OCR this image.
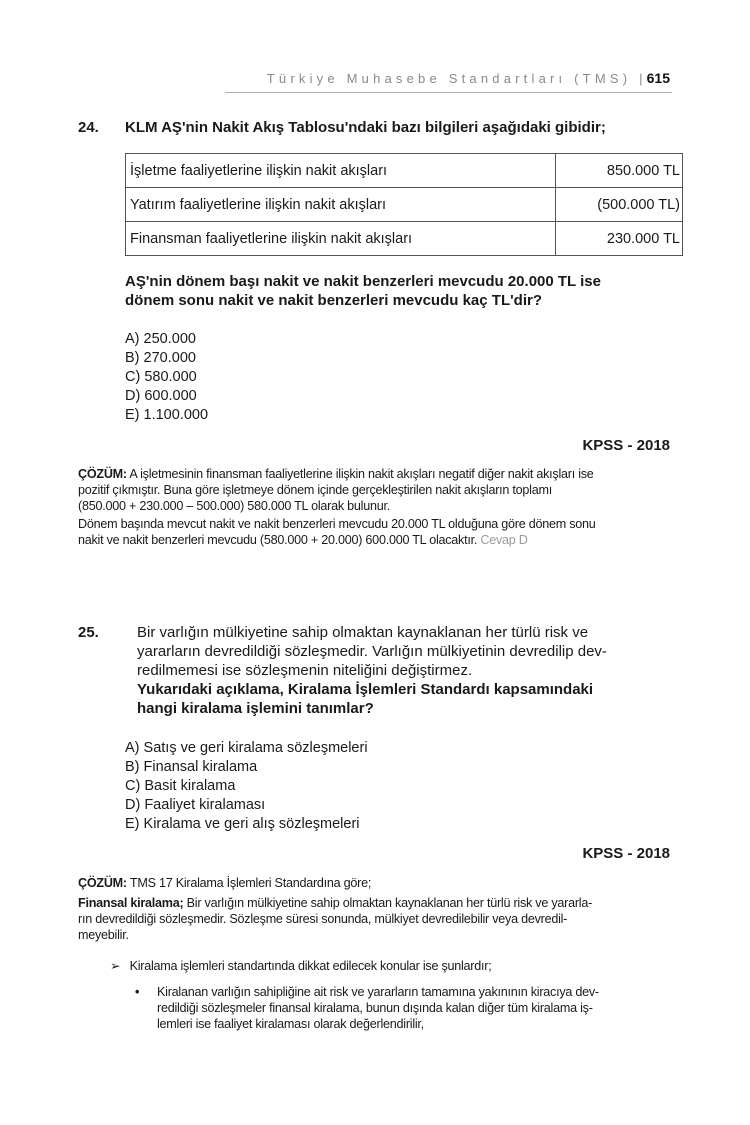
Türkiye Muhasebe Standartları (TMS) |615
24. KLM AŞ'nin Nakit Akış Tablosu'ndaki bazı bilgileri aşağıdaki gibidir;
İşletme faaliyetlerine ilişkin nakit akışları	850.000 TL
Yatırım faaliyetlerine ilişkin nakit akışları	(500.000 TL)
Finansman faaliyetlerine ilişkin nakit akışları	230.000 TL
AŞ'nin dönem başı nakit ve nakit benzerleri mevcudu 20.000 TL ise
dönem sonu nakit ve nakit benzerleri mevcudu kaç TL'dir?
A) 250.000
B) 270.000
C) 580.000
D) 600.000
E) 1.100.000
KPSS - 2018

ÇÖZÜM: A işletmesinin finansman faaliyetlerine ilişkin nakit akışları negatif diğer nakit akışları ise

pozitif çıkmıştır. Buna göre işletmeye dönem içinde gerçekleştirilen nakit akışların toplamı

(850.000 + 230.000 – 500.000) 580.000 TL olarak bulunur.

Dönem başında mevcut nakit ve nakit benzerleri mevcudu 20.000 TL olduğuna göre dönem sonu

nakit ve nakit benzerleri mevcudu (580.000 + 20.000) 600.000 TL olacaktır. Cevap D

25.	Bir varlığın mülkiyetine sahip olmaktan kaynaklanan her türlü risk ve
yararların devredildiği sözleşmedir. Varlığın mülkiyetinin devredilip dev-
redilmemesi ise sözleşmenin niteliğini değiştirmez.
Yukarıdaki açıklama, Kiralama İşlemleri Standardı kapsamındaki
hangi kiralama işlemini tanımlar?
A) Satış ve geri kiralama sözleşmeleri
B) Finansal kiralama
C) Basit kiralama
D) Faaliyet kiralaması
E) Kiralama ve geri alış sözleşmeleri
KPSS - 2018

ÇÖZÜM: TMS 17 Kiralama İşlemleri Standardına göre;

Finansal kiralama; Bir varlığın mülkiyetine sahip olmaktan kaynaklanan her türlü risk ve yararla-

rın devredildiği sözleşmedir. Sözleşme süresi sonunda, mülkiyet devredilebilir veya devredil-

meyebilir.

➢ Kiralama işlemleri standartında dikkat edilecek konular ise şunlardır;
• Kiralanan varlığın sahipliğine ait risk ve yararların tamamına yakınının kiracıya dev-
redildiği sözleşmeler finansal kiralama, bunun dışında kalan diğer tüm kiralama iş-
lemleri ise faaliyet kiralaması olarak değerlendirilir,
